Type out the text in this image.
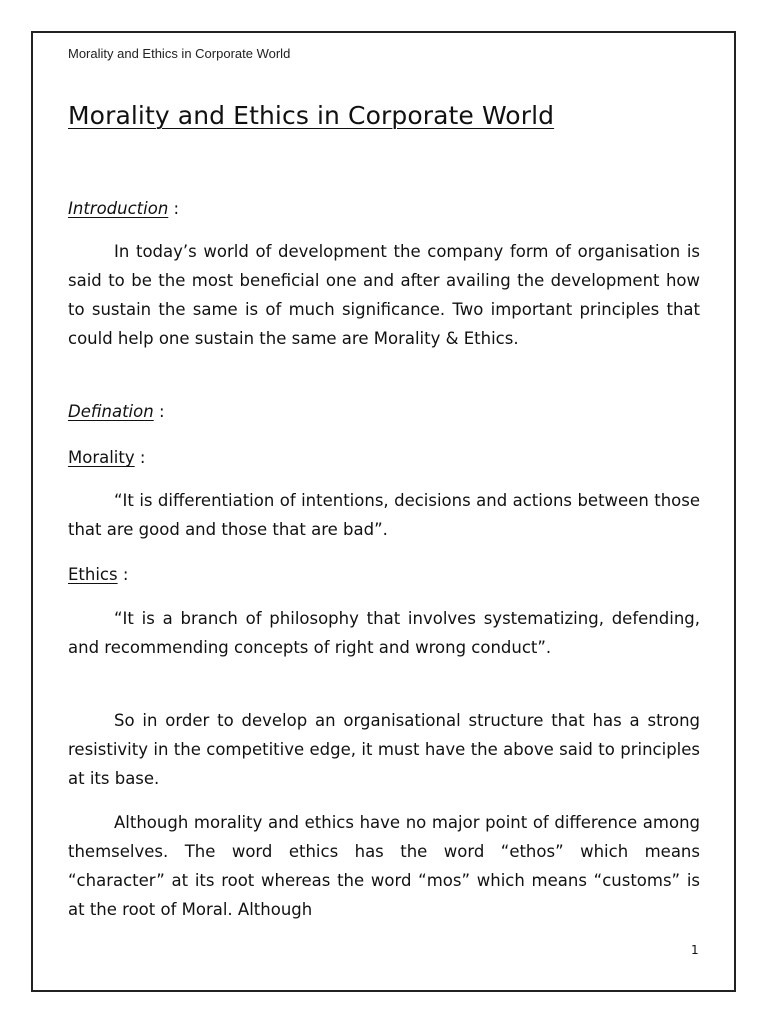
Morality and Ethics in Corporate World
Morality and Ethics in Corporate World
Introduction :

In today’s world of development the company form of organisation is said to be the most beneficial one and after availing the development how to sustain the same is of much significance. Two important principles that could help one sustain the same are Morality & Ethics.

Defination :
Morality :

“It is differentiation of intentions, decisions and actions between those that are good and those that are bad”.

Ethics :

“It is a branch of philosophy that involves systematizing, defending, and recommending concepts of right and wrong conduct”.

So in order to develop an organisational structure that has a strong resistivity in the competitive edge, it must have the above said to principles at its base.

Although morality and ethics have no major point of difference among themselves. The word ethics has the word “ethos” which means “character” at its root whereas the word “mos” which means “customs” is at the root of Moral. Although

1
